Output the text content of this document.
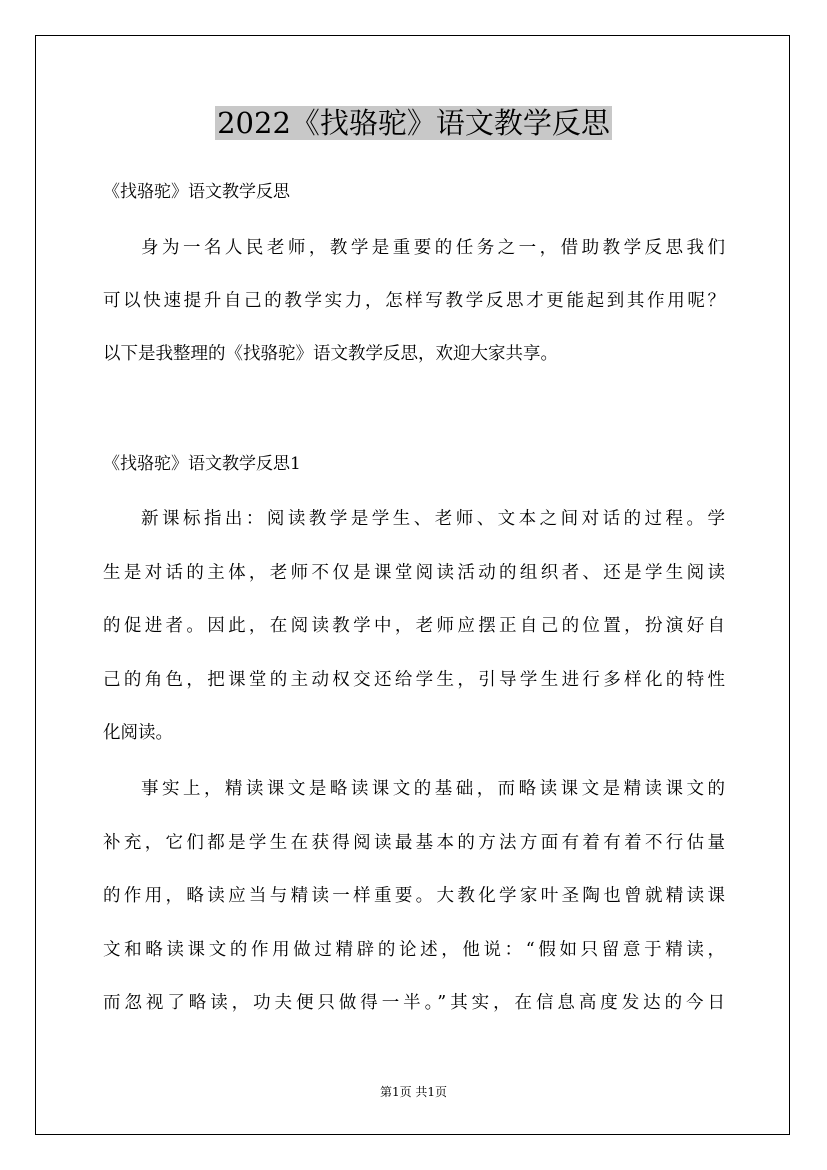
2022《找骆驼》语文教学反思

《找骆驼》语文教学反思

身为一名人民老师，教学是重要的任务之一，借助教学反思我们

可以快速提升自己的教学实力，怎样写教学反思才更能起到其作用呢？

以下是我整理的《找骆驼》语文教学反思，欢迎大家共享。

《找骆驼》语文教学反思1

新课标指出：阅读教学是学生、老师、文本之间对话的过程。学

生是对话的主体，老师不仅是课堂阅读活动的组织者、还是学生阅读

的促进者。因此，在阅读教学中，老师应摆正自己的位置，扮演好自

己的角色，把课堂的主动权交还给学生，引导学生进行多样化的特性

化阅读。

事实上，精读课文是略读课文的基础，而略读课文是精读课文的

补充，它们都是学生在获得阅读最基本的方法方面有着有着不行估量

的作用，略读应当与精读一样重要。大教化学家叶圣陶也曾就精读课

文和略读课文的作用做过精辟的论述，他说：“假如只留意于精读，

而忽视了略读，功夫便只做得一半。”其实，在信息高度发达的今日

第1页 共1页
